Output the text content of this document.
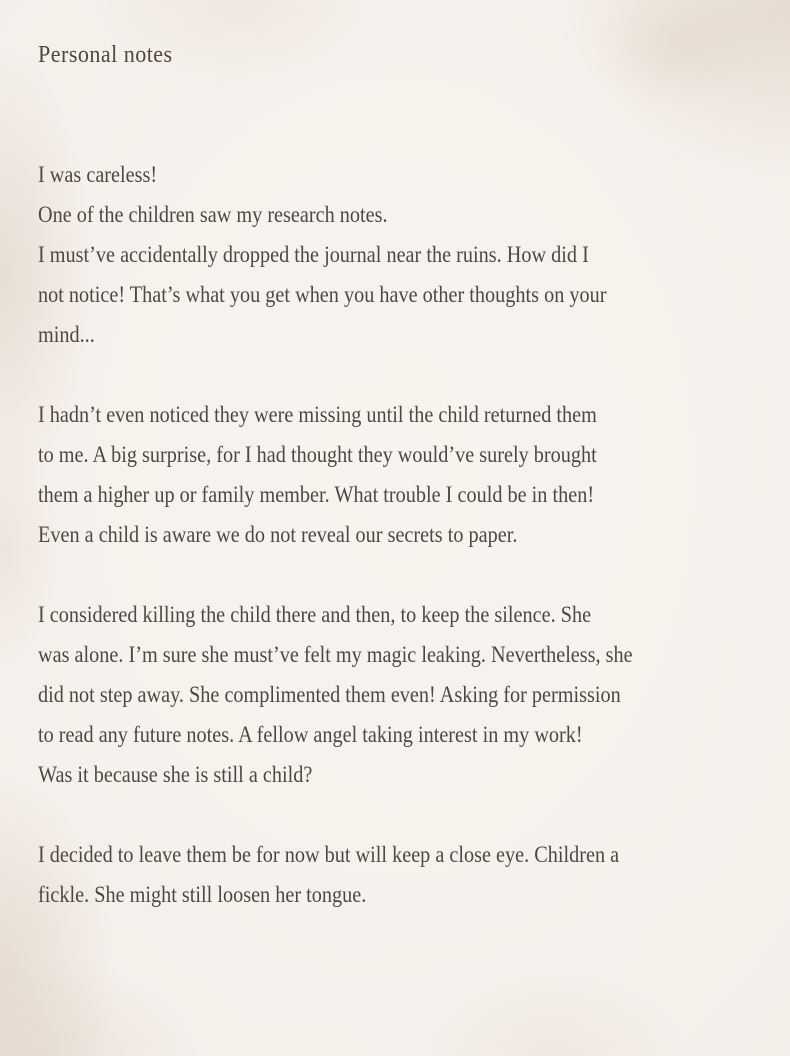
Personal notes
I was careless!
One of the children saw my research notes.
I must’ve accidentally dropped the journal near the ruins. How did I
not notice! That’s what you get when you have other thoughts on your
mind...
I hadn’t even noticed they were missing until the child returned them
to me. A big surprise, for I had thought they would’ve surely brought
them a higher up or family member. What trouble I could be in then!
Even a child is aware we do not reveal our secrets to paper.
I considered killing the child there and then, to keep the silence. She
was alone. I’m sure she must’ve felt my magic leaking. Nevertheless, she
did not step away. She complimented them even! Asking for permission
to read any future notes. A fellow angel taking interest in my work!
Was it because she is still a child?
I decided to leave them be for now but will keep a close eye. Children a
fickle. She might still loosen her tongue.
